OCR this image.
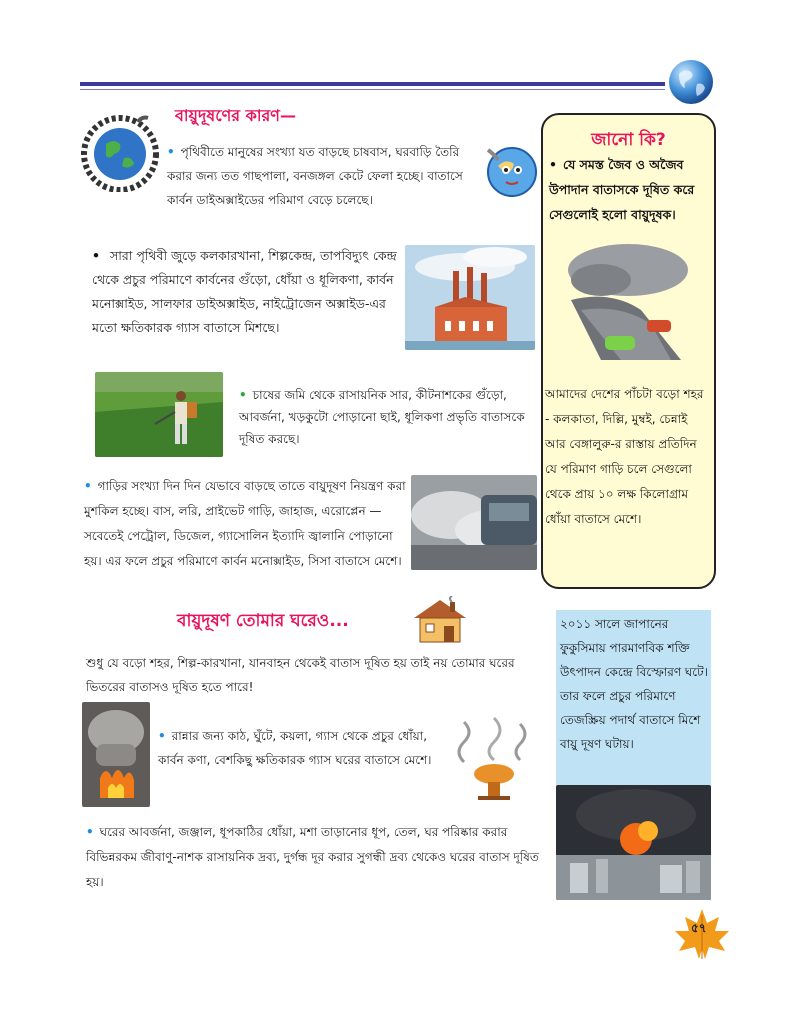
বায়ুদূষণের কারণ—
• পৃথিবীতে মানুষের সংখ্যা যত বাড়ছে চাষবাস, ঘরবাড়ি তৈরি করার জন্য তত গাছপালা, বনজঙ্গল কেটে ফেলা হচ্ছে। বাতাসে কার্বন ডাইঅক্সাইডের পরিমাণ বেড়ে চলেছে।
• সারা পৃথিবী জুড়ে কলকারখানা, শিল্পকেন্দ্র, তাপবিদ্যুৎ কেন্দ্র থেকে প্রচুর পরিমাণে কার্বনের গুঁড়ো, ধোঁয়া ও ধূলিকণা, কার্বন মনোক্সাইড, সালফার ডাইঅক্সাইড, নাইট্রোজেন অক্সাইড-এর মতো ক্ষতিকারক গ্যাস বাতাসে মিশছে।
• চাষের জমি থেকে রাসায়নিক সার, কীটনাশকের গুঁড়ো, আবর্জনা, খড়কুটো পোড়ানো ছাই, ধূলিকণা প্রভৃতি বাতাসকে দূষিত করছে।
• গাড়ির সংখ্যা দিন দিন যেভাবে বাড়ছে তাতে বায়ুদূষণ নিয়ন্ত্রণ করা মুশকিল হচ্ছে। বাস, লরি, প্রাইভেট গাড়ি, জাহাজ, এরোপ্লেন — সবেতেই পেট্রোল, ডিজেল, গ্যাসোলিন ইত্যাদি জ্বালানি পোড়ানো হয়। এর ফলে প্রচুর পরিমাণে কার্বন মনোক্সাইড, সিসা বাতাসে মেশে।
বায়ুদূষণ তোমার ঘরেও...
শুধু যে বড়ো শহর, শিল্প-কারখানা, যানবাহন থেকেই বাতাস দূষিত হয় তাই নয় তোমার ঘরের ভিতরের বাতাসও দূষিত হতে পারে!
• রান্নার জন্য কাঠ, ঘুঁটে, কয়লা, গ্যাস থেকে প্রচুর ধোঁয়া, কার্বন কণা, বেশকিছু ক্ষতিকারক গ্যাস ঘরের বাতাসে মেশে।
• ঘরের আবর্জনা, জঞ্জাল, ধূপকাঠির ধোঁয়া, মশা তাড়ানোর ধূপ, তেল, ঘর পরিষ্কার করার বিভিন্নরকম জীবাণু-নাশক রাসায়নিক দ্রব্য, দুর্গন্ধ দূর করার সুগন্ধী দ্রব্য থেকেও ঘরের বাতাস দূষিত হয়।
জানো কি?
• যে সমস্ত জৈব ও অজৈব উপাদান বাতাসকে দূষিত করে সেগুলোই হলো বায়ুদূষক।
আমাদের দেশের পাঁচটা বড়ো শহর - কলকাতা, দিল্লি, মুম্বই, চেন্নাই আর বেঙ্গালুরু-র রাস্তায় প্রতিদিন যে পরিমাণ গাড়ি চলে সেগুলো থেকে প্রায় ১০ লক্ষ কিলোগ্রাম ধোঁয়া বাতাসে মেশে।
২০১১ সালে জাপানের ফুকুসিমায় পারমাণবিক শক্তি উৎপাদন কেন্দ্রে বিস্ফোরণ ঘটে। তার ফলে প্রচুর পরিমাণে তেজস্ক্রিয় পদার্থ বাতাসে মিশে বায়ু দূষণ ঘটায়।
৫৭
